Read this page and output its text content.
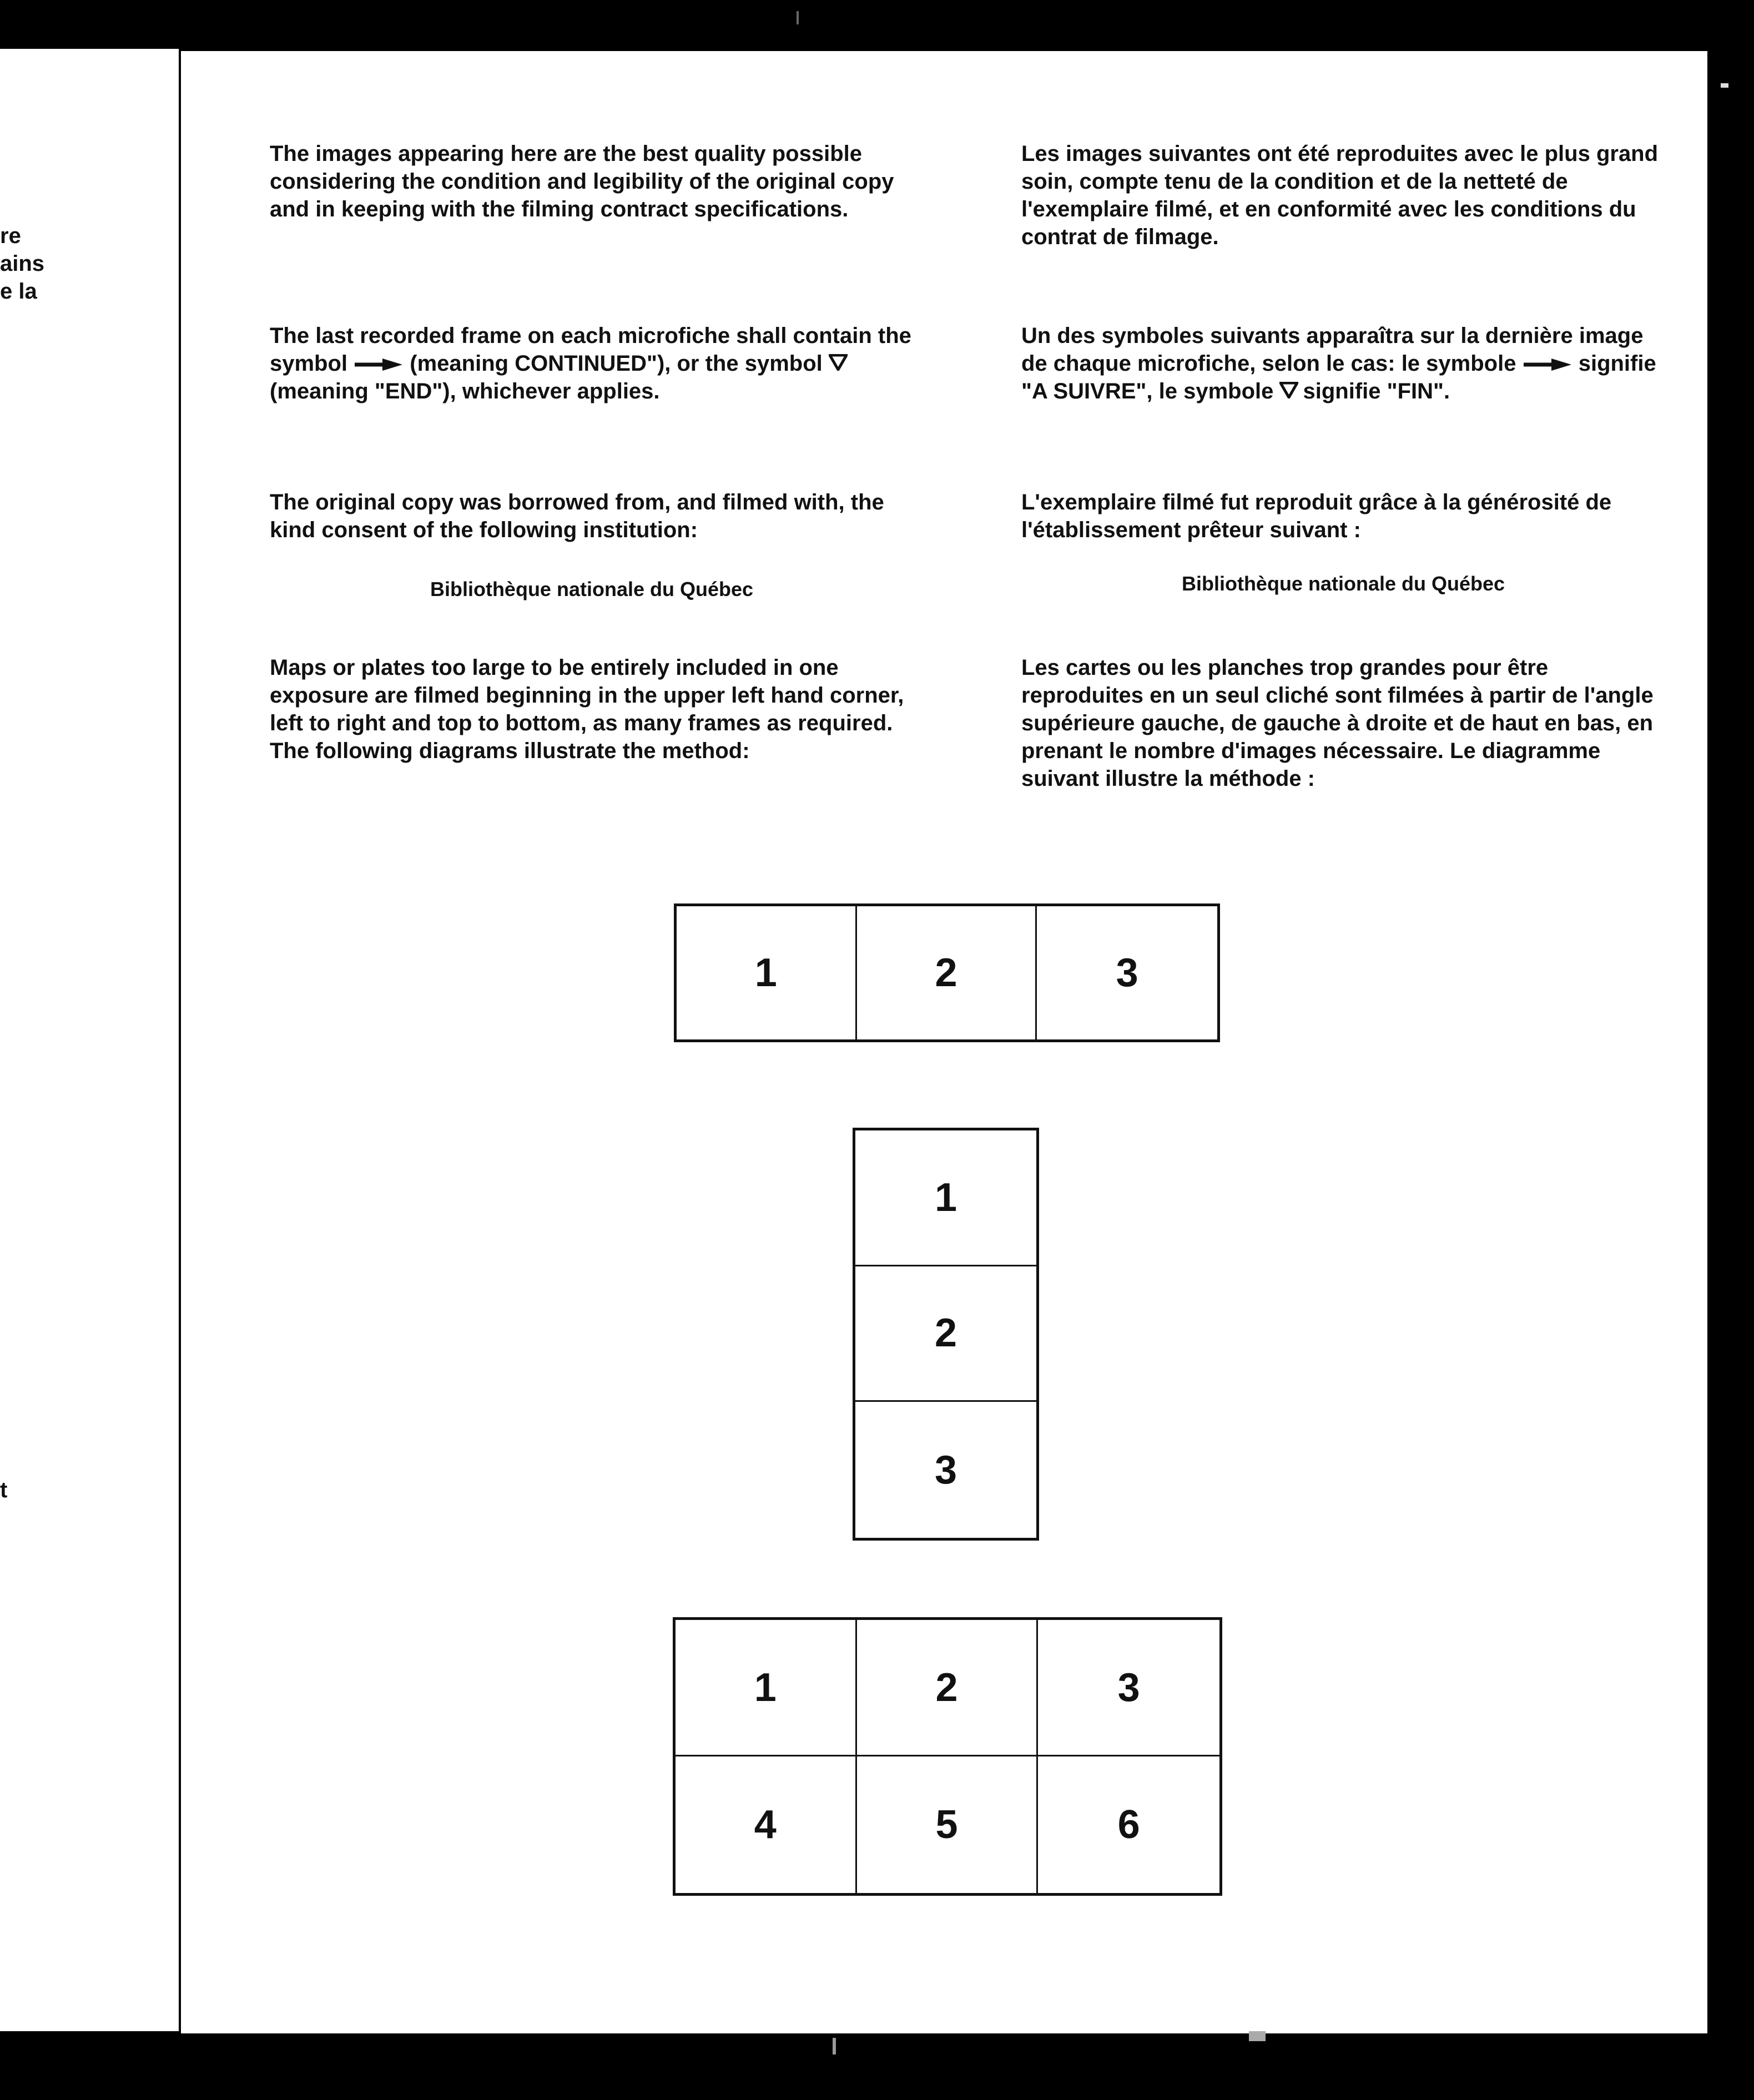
re
ains
e la
t

The images appearing here are the best quality possible considering the condition and legibility of the original copy and in keeping with the filming contract specifications.

The last recorded frame on each microfiche shall contain the symbol	(meaning CONTINUED"), or the symbol (meaning "END"), whichever applies.

The original copy was borrowed from, and filmed with, the kind consent of the following institution:

Bibliothèque nationale du Québec

Maps or plates too large to be entirely included in one exposure are filmed beginning in the upper left hand corner, left to right and top to bottom, as many frames as required. The following diagrams illustrate the method:

Les images suivantes ont été reproduites avec le plus grand soin, compte tenu de la condition et de la netteté de l'exemplaire filmé, et en conformité avec les conditions du contrat de filmage.

Un des symboles suivants apparaîtra sur la dernière image de chaque microfiche, selon le cas: le symbole	signifie "A SUIVRE", le symbole signifie "FIN".

L'exemplaire filmé fut reproduit grâce à la générosité de l'établissement prêteur suivant :

Bibliothèque nationale du Québec

Les cartes ou les planches trop grandes pour être reproduites en un seul cliché sont filmées à partir de l'angle supérieure gauche, de gauche à droite et de haut en bas, en prenant le nombre d'images nécessaire. Le diagramme suivant illustre la méthode :

1	2	3
1
2
3
1	2	3
4	5	6
